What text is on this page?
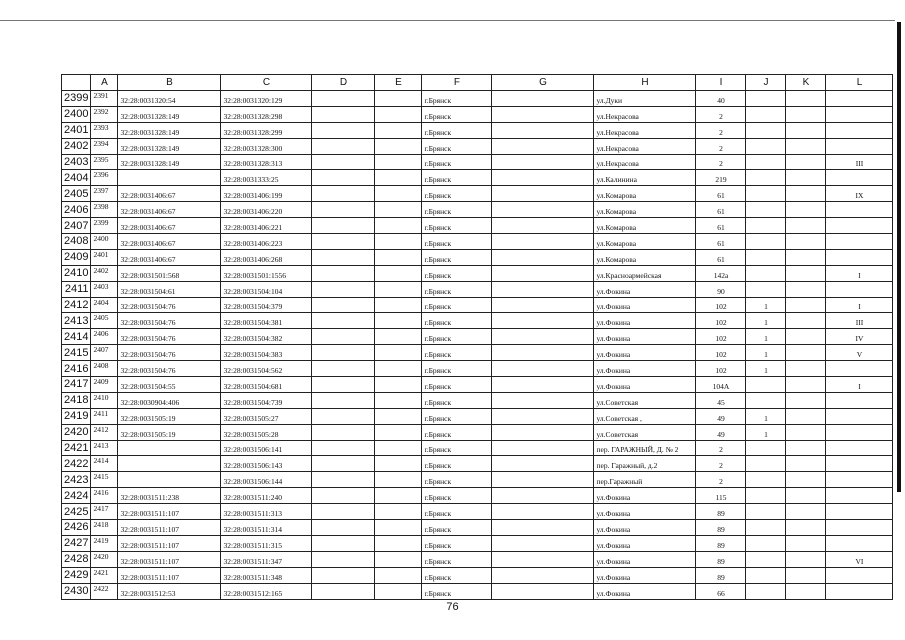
	A	B	C	D	E	F	G	H	I	J	K	L
2399	2391	32:28:0031320:54	32:28:0031320:129			г.Брянск		ул.Дуки	40			
2400	2392	32:28:0031328:149	32:28:0031328:298			г.Брянск		ул.Некрасова	2			
2401	2393	32:28:0031328:149	32:28:0031328:299			г.Брянск		ул.Некрасова	2			
2402	2394	32:28:0031328:149	32:28:0031328:300			г.Брянск		ул.Некрасова	2			
2403	2395	32:28:0031328:149	32:28:0031328:313			г.Брянск		ул.Некрасова	2			III
2404	2396		32:28:0031333:25			г.Брянск		ул.Калинина	219			
2405	2397	32:28:0031406:67	32:28:0031406:199			г.Брянск		ул.Комарова	61			IX
2406	2398	32:28:0031406:67	32:28:0031406:220			г.Брянск		ул.Комарова	61			
2407	2399	32:28:0031406:67	32:28:0031406:221			г.Брянск		ул.Комарова	61			
2408	2400	32:28:0031406:67	32:28:0031406:223			г.Брянск		ул.Комарова	61			
2409	2401	32:28:0031406:67	32:28:0031406:268			г.Брянск		ул.Комарова	61			
2410	2402	32:28:0031501:568	32:28:0031501:1556			г.Брянск		ул.Красноармейская	142а			I
2411	2403	32:28:0031504:61	32:28:0031504:104			г.Брянск		ул.Фокина	90			
2412	2404	32:28:0031504:76	32:28:0031504:379			г.Брянск		ул.Фокина	102	1		I
2413	2405	32:28:0031504:76	32:28:0031504:381			г.Брянск		ул.Фокина	102	1		III
2414	2406	32:28:0031504:76	32:28:0031504:382			г.Брянск		ул.Фокина	102	1		IV
2415	2407	32:28:0031504:76	32:28:0031504:383			г.Брянск		ул.Фокина	102	1		V
2416	2408	32:28:0031504:76	32:28:0031504:562			г.Брянск		ул.Фокина	102	1		
2417	2409	32:28:0031504:55	32:28:0031504:681			г.Брянск		ул.Фокина	104А			I
2418	2410	32:28:0030904:406	32:28:0031504:739			г.Брянск		ул.Советская	45			
2419	2411	32:28:0031505:19	32:28:0031505:27			г.Брянск		ул.Советская ,	49	1		
2420	2412	32:28:0031505:19	32:28:0031505:28			г.Брянск		ул.Советская	49	1		
2421	2413		32:28:0031506:141			г.Брянск		пер. ГАРАЖНЫЙ, Д. № 2	2			
2422	2414		32:28:0031506:143			г.Брянск		пер. Гаражный, д.2	2			
2423	2415		32:28:0031506:144			г.Брянск		пер.Гаражный	2			
2424	2416	32:28:0031511:238	32:28:0031511:240			г.Брянск		ул.Фокина	115			
2425	2417	32:28:0031511:107	32:28:0031511:313			г.Брянск		ул.Фокина	89			
2426	2418	32:28:0031511:107	32:28:0031511:314			г.Брянск		ул.Фокина	89			
2427	2419	32:28:0031511:107	32:28:0031511:315			г.Брянск		ул.Фокина	89			
2428	2420	32:28:0031511:107	32:28:0031511:347			г.Брянск		ул.Фокина	89			VI
2429	2421	32:28:0031511:107	32:28:0031511:348			г.Брянск		ул.Фокина	89			
2430	2422	32:28:0031512:53	32:28:0031512:165			г.Брянск		ул.Фокина	66			
76
